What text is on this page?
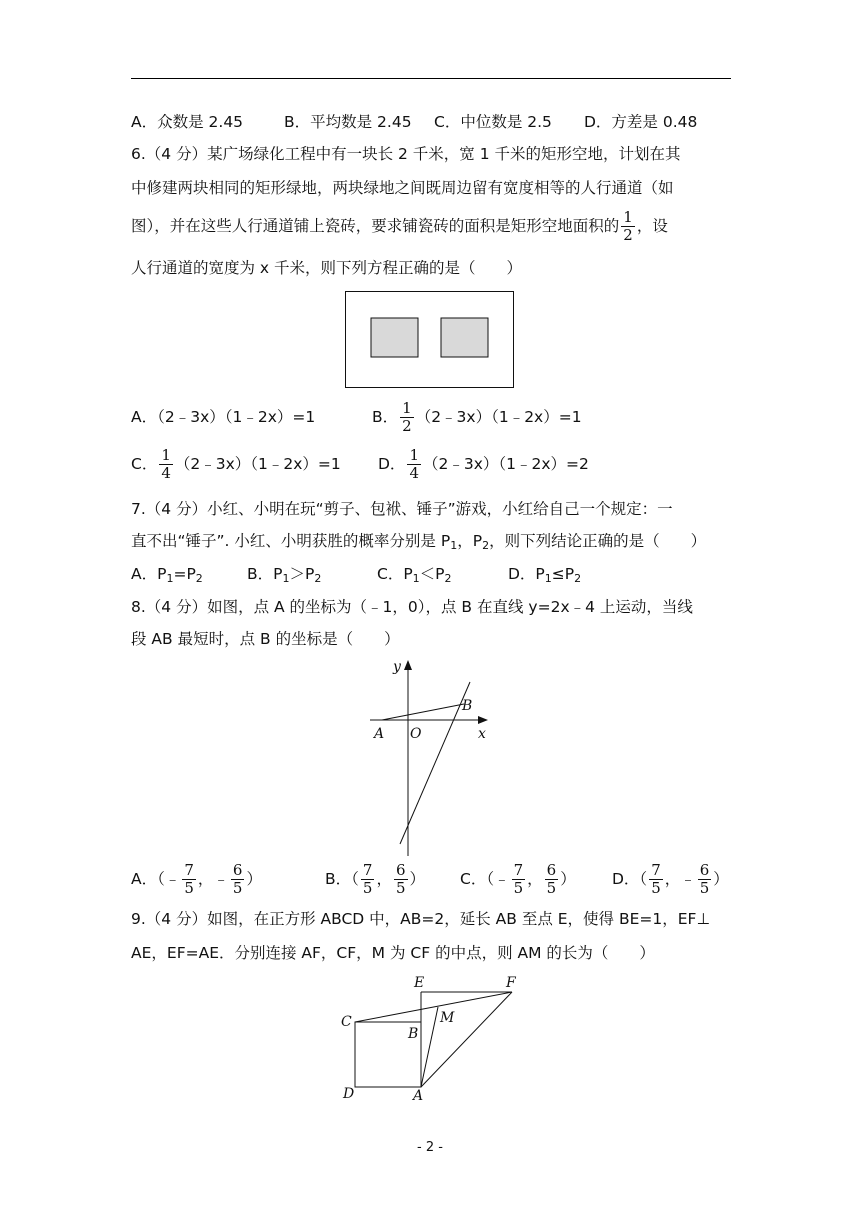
A．众数是 2.45	B．平均数是 2.45 C．中位数是 2.5 D．方差是 0.48
6.（4 分）某广场绿化工程中有一块长 2 千米，宽 1 千米的矩形空地，计划在其
中修建两块相同的矩形绿地，两块绿地之间既周边留有宽度相等的人行通道（如
图），并在这些人行通道铺上瓷砖，要求铺瓷砖的面积是矩形空地面积的 $\frac{1}{2}$ ，设
人行通道的宽度为 x 千米，则下列方程正确的是（　　）
A．（2﹣3x）（1﹣2x）=1	B． $\frac{1}{2}$ （2﹣3x）（1﹣2x）=1
C． $\frac{1}{4}$ （2﹣3x）（1﹣2x）=1 D． $\frac{1}{4}$ （2﹣3x）（1﹣2x）=2
7.（4 分）小红、小明在玩“剪子、包袱、锤子”游戏，小红给自己一个规定：一
直不出“锤子”. 小红、小明获胜的概率分别是 $P_1$，$P_2$，则下列结论正确的是（　　）
A．$P_1=P_2$	B．$P_1>P_2$	C．$P_1<P_2$	D．$P_1\le P_2$
8.（4 分）如图，点 A 的坐标为（﹣1，0），点 B 在直线 y=2x﹣4 上运动，当线
段 AB 最短时，点 B 的坐标是（　　）
y
x
A O
B
A．（﹣ $\frac{7}{5}$ ，﹣ $\frac{6}{5}$ ）	B．（ $\frac{7}{5}$ ， $\frac{6}{5}$ ） C．（﹣ $\frac{7}{5}$ ， $\frac{6}{5}$ ） D．（ $\frac{7}{5}$ ，﹣ $\frac{6}{5}$ ）
9.（4 分）如图，在正方形 ABCD 中，AB=2，延长 AB 至点 E，使得 BE=1，EF⊥
AE，EF=AE．分别连接 AF，CF，M 为 CF 的中点，则 AM 的长为（　　）
E	F
C	M
B
D	A
- 2 -
